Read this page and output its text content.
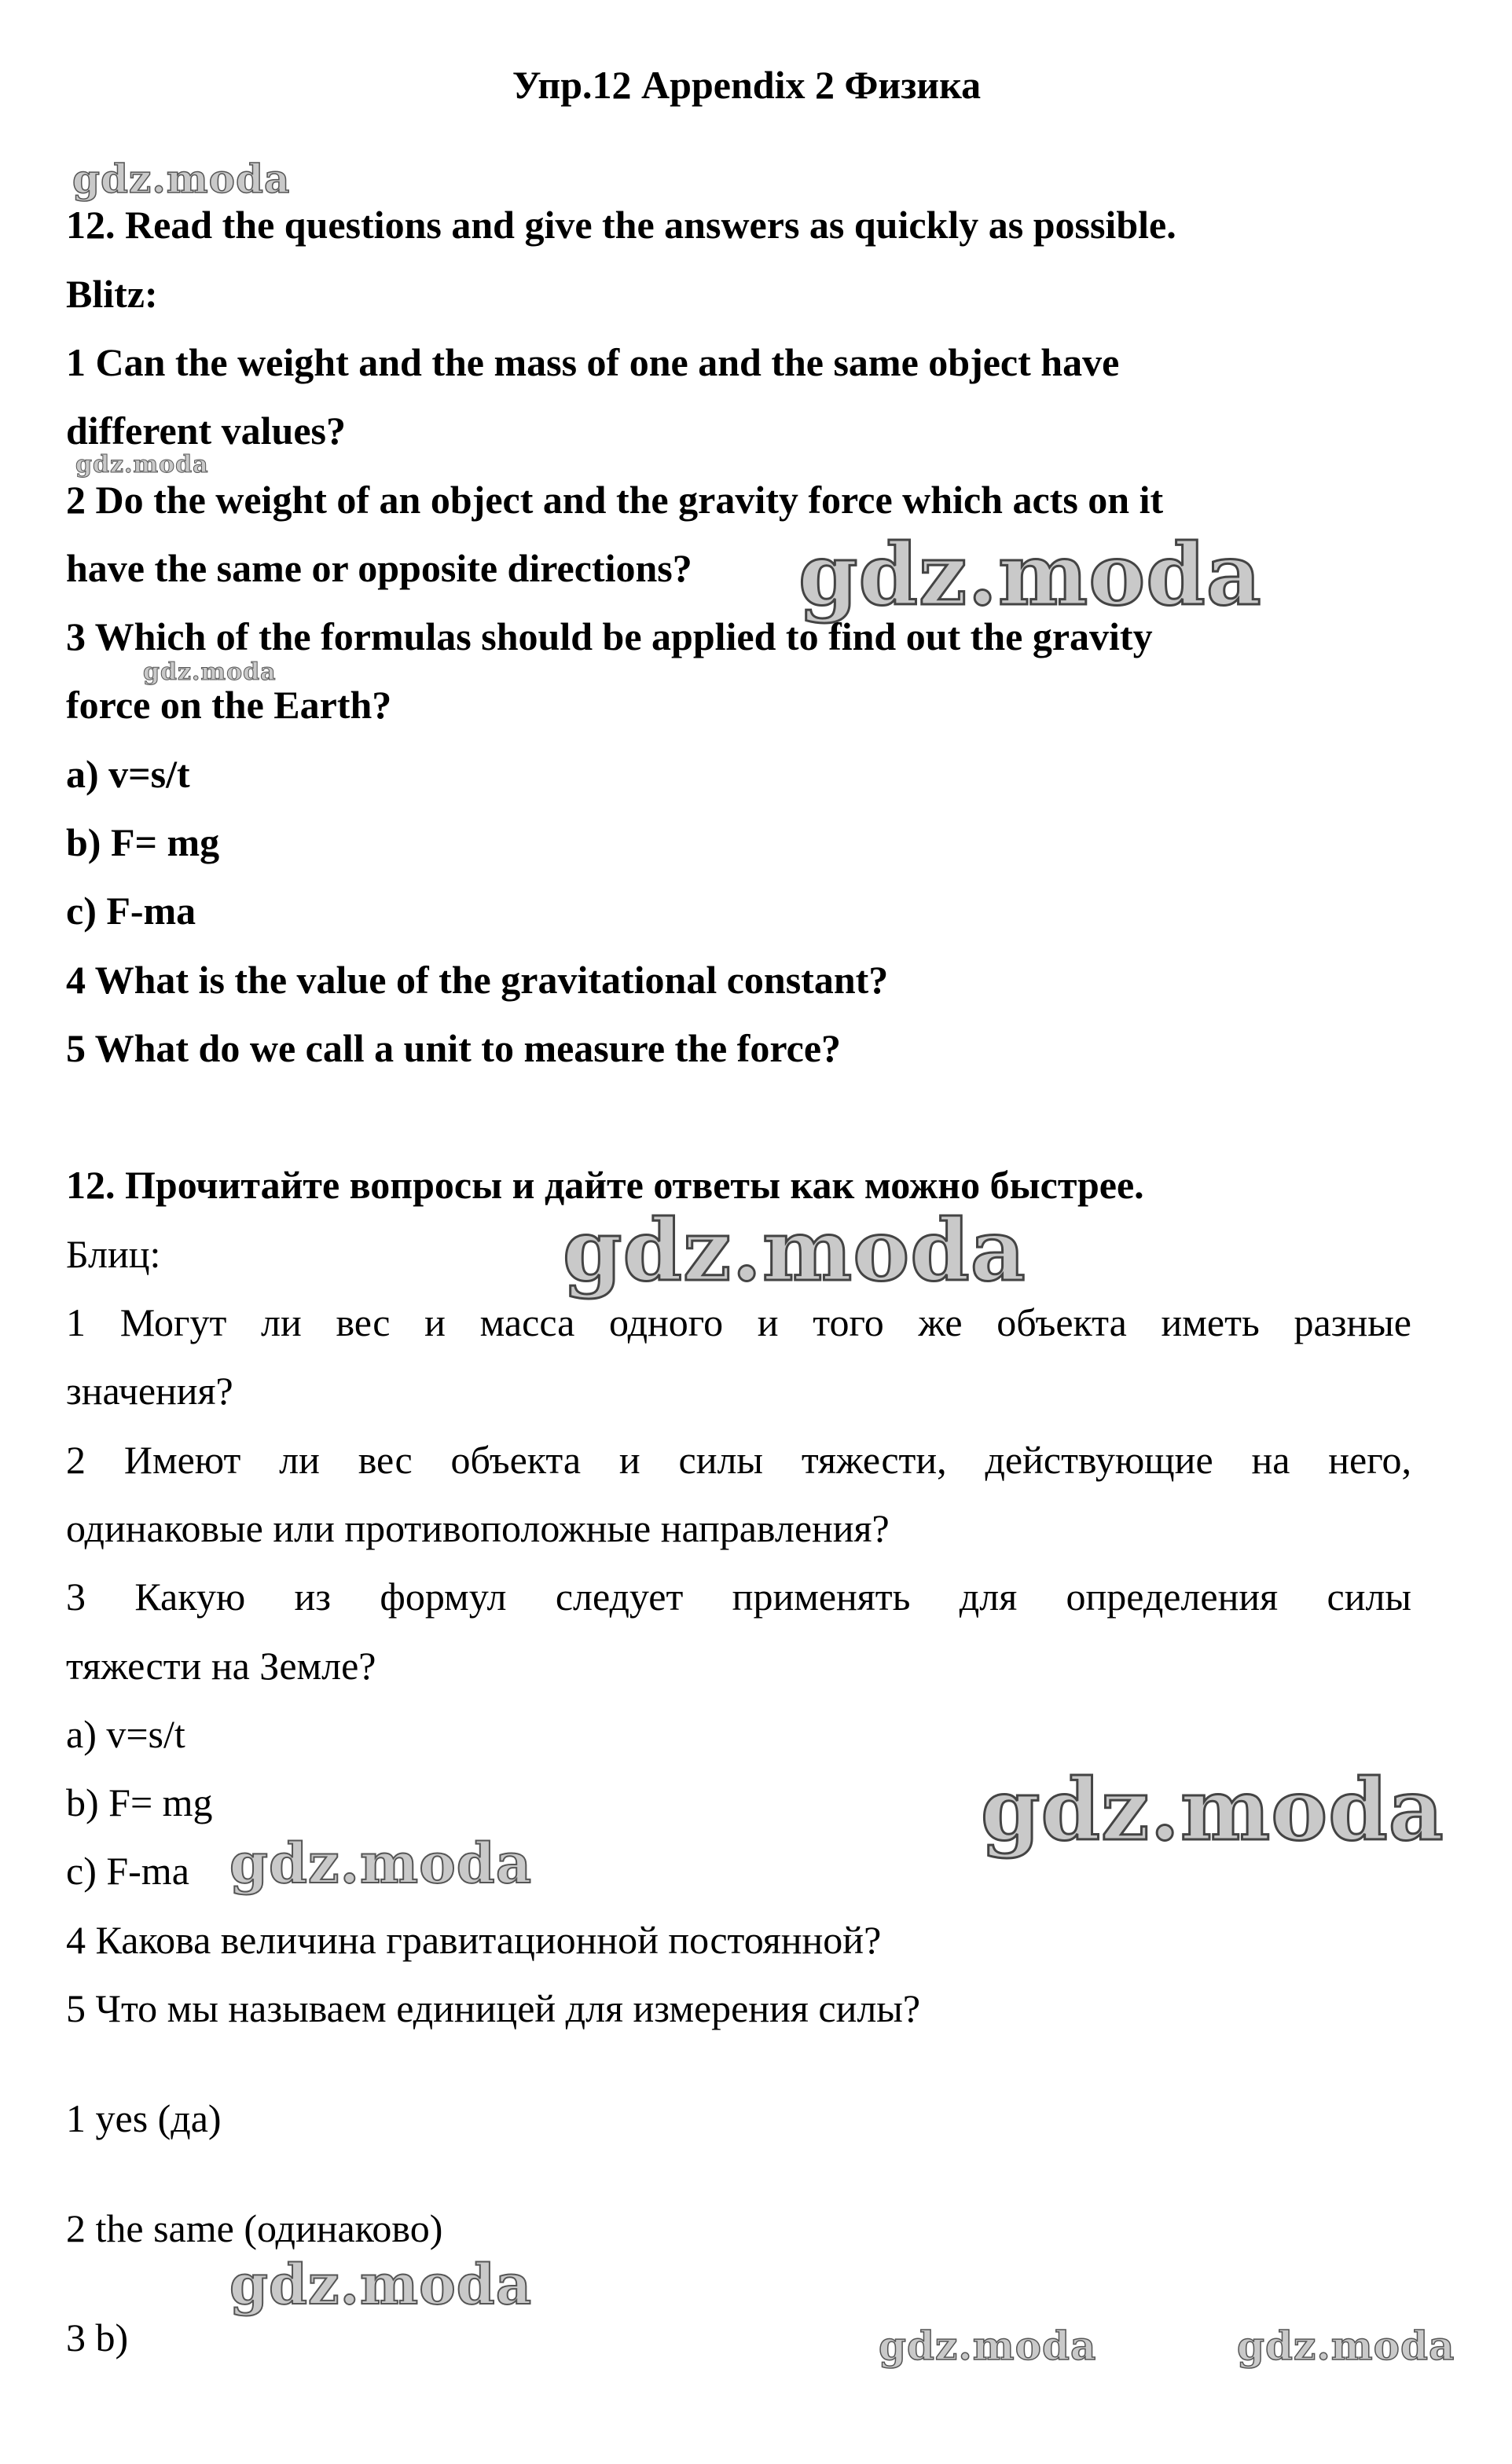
Упр.12 Appendix 2 Физика
12. Read the questions and give the answers as quickly as possible.
Blitz:
1 Can the weight and the mass of one and the same object have
different values?
2 Do the weight of an object and the gravity force which acts on it
have the same or opposite directions?
3 Which of the formulas should be applied to find out the gravity
force on the Earth?
a) v=s/t
b) F= mg
c) F-ma
4 What is the value of the gravitational constant?
5 What do we call a unit to measure the force?
12. Прочитайте вопросы и дайте ответы как можно быстрее.
Блиц:
1 Могут ли вес и масса одного и того же объекта иметь разные
значения?
2 Имеют ли вес объекта и силы тяжести, действующие на него,
одинаковые или противоположные направления?
3 Какую из формул следует применять для определения силы
тяжести на Земле?
a) v=s/t
b) F= mg
c) F-ma
4 Какова величина гравитационной постоянной?
5 Что мы называем единицей для измерения силы?
1 yes (да)
2 the same (одинаково)
3 b)
gdz.moda
gdz.moda
gdz.moda
gdz.moda
gdz.moda
gdz.moda
gdz.moda
gdz.moda
gdz.moda	gdz.moda
